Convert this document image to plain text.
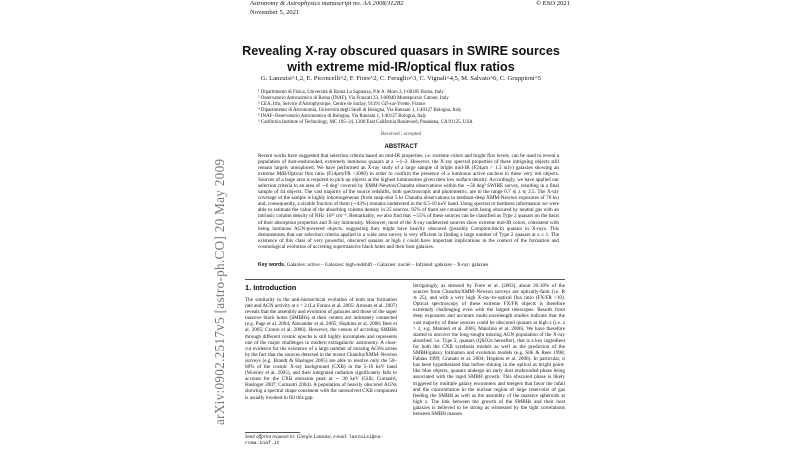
Astronomy & Astrophysics manuscript no. AA 2008/11282
November 5, 2021
© ESO 2021
arXiv:0902.2517v5 [astro-ph.CO] 20 May 2009
Revealing X-ray obscured quasars in SWIRE sources with extreme mid-IR/optical flux ratios
G. Lanzuisi^1,2, E. Piconcelli^2, F. Fiore^2, C. Feruglio^3, C. Vignali^4,5, M. Salvato^6, C. Gruppioni^5
¹ Dipartimento di Fisica, Università di Roma La Sapienza, P.le A. Moro 2, I-00185 Roma, Italy
² Osservatorio Astronomico di Roma (INAF), Via Frascati 33, I-00040 Monteporzio Catone, Italy
³ CEA, Irfu, Service d'Astrophysique, Centre de Saclay, 91191 Gif-sur-Yvette, France
⁴ Dipartimento di Astronomia, Università degli Studi di Bologna, Via Ranzani 1, I-40127 Bologna, Italy
⁵ INAF–Osservatorio Astronomico di Bologna, Via Ranzani 1, I-40127 Bologna, Italy
⁶ California Institute of Technology, MC 105–24, 1200 East California Boulevard, Pasadena, CA 91125, USA
Received ; accepted
ABSTRACT
Recent works have suggested that selection criteria based on mid-IR properties, i.e. extreme colors and bright flux levels, can be used to reveal a population of dust-enshrouded, extremely luminous quasars at z ∼1–2. However, the X-ray spectral properties of these intriguing objects still remain largely unexplored. We have performed an X-ray study of a large sample of bright mid-IR (F24μm > 1.3 mJy) galaxies showing an extreme MIR/Optical flux ratio (F24μm/FR >2000) in order to confirm the presence of a luminous active nucleus in these very red objects. Sources of a large area is required to pick up objects at the highest luminosities given their low surface density. Accordingly, we have applied our selection criteria to an area of ∼6 deg² covered by XMM-Newton/Chandra observations within the ∼50 deg² SWIRE survey, resulting in a final sample of 44 objects. The vast majority of the source redshifts, both spectroscopic and photometric, are in the range 0.7 ≲ z ≲ 2.5. The X-ray coverage of the sample is highly inhomogeneous (from snap-shot 5 ks Chandra observations to medium-deep XMM-Newton exposures of 70 ks) and, consequently, a sizable fraction of them (∼43%) remains undetected in the 0.5-10 keV band. Using spectral or hardness information we were able to estimate the value of the absorbing column density in 25 sources. 95% of them are consistent with being obscured by neutral gas with an intrinsic column density of NH≥ 10²² cm⁻². Remarkably, we also find that ∼55% of these sources can be classified as Type 2 quasars on the basis of their absorption properties and X-ray luminosity. Moreover, most of the X-ray undetected sources show extreme mid-IR colors, consistent with being luminous AGN-powered objects, suggesting they might have heavily obscured (possibly Compton-thick) quasars in X-rays. This demonstrates that our selection criteria applied to a wide area survey is very efficient in finding a large number of Type 2 quasars at z ≥ 1. The existence of this class of very powerful, obscured quasars at high z could have important implications in the context of the formation and cosmological evolution of accreting supermassive black holes and their host galaxies.
Key words. Galaxies: active – Galaxies: high-redshift – Galaxies: nuclei – Infrared: galaxies – X-ray: galaxies
1. Introduction
The similarity in the anti-hierarchical evolution of both star formation rate and AGN activity at z < 2 (La Franca et al. 2005; Arnouts et al. 2007) reveals that the assembly and evolution of galaxies and those of the super massive black holes (SMBHs) at their centers are intimately connected (e.g. Page et al. 2004; Alexander et al. 2005; Hopkins et al. 2006; Best et al. 2005; Croton et al. 2006). However, the census of accreting SMBHs through different cosmic epochs is still highly incomplete and represents one of the major challenges in modern extragalactic astronomy. A clear-cut evidence for the existence of a large number of missing AGNs arises by the fact that the sources detected in the recent Chandra/XMM–Newton surveys (e.g. Brandt & Hasinger 2005) are able to resolve only the 50–60% of the cosmic X-ray background (CXB) in the 5-10 keV band (Worsley et al. 2005), and their integrated radiation significantly fails to account for the CXB emission peak at ∼ 30 keV (Gilli, Comastri, Hasinger 2007; Comastri 2004). A population of heavily obscured AGNs showing a spectral shape consistent with the unresolved CXB component is usually invoked to fill this gap.
Intriguingly, as stressed by Fiore et al. (2003), about 20-30% of the sources from Chandra/XMM–Newton surveys are optically-faint (i.e. R ≳ 25), and with a very high X-ray–to-optical flux ratio (FX/FR >10). Optical spectroscopy of these extreme FX/FR objects is therefore extremely challenging even with the largest telescopes. Results from deep exposures and accurate multi-wavelength studies indicate that the vast majority of these sources could be obscured quasars at high z (i.e. z > 1; e.g. Mainieri et al. 2005; Maiolino et al. 2006). We have therefore started to uncover the long-sought missing AGN population of the X-ray absorbed, i.e. Type 2, quasars (QSO2s hereafter), that is a key ingredient for both the CXB synthesis models as well as the prediction of the SMBH/galaxy formation and evolution models (e.g. Silk & Rees 1998; Fabian 1999; Granato et al. 2004; Hopkins et al. 2006). In particular, it has been hypothesized that before shining in the optical as bright point-like blue objects, quasars undergo an early dust enshrouded phase being associated with the rapid SMBH growth. This obscured phase is likely triggered by multiple galaxy encounters and mergers that favor the infall and the concentration in the nuclear region of large reservoirs of gas feeding the SMBH as well as the assembly of the massive spheroids at high z. The link between the growth of the SMBHs and their host galaxies is believed to be strong as witnessed by the tight correlations between SMBH masses
Send offprint requests to: Giorgio Lanzuisi, e-mail: lanzuisi@oa-roma.inaf.it
